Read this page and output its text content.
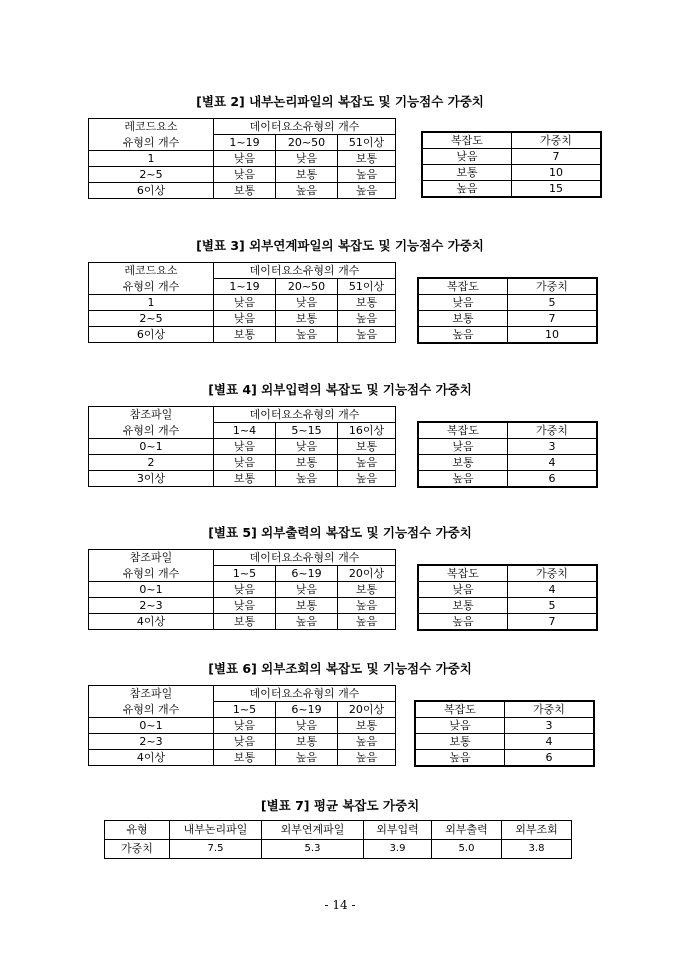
[별표 2] 내부논리파일의 복잡도 및 기능점수 가중치
레코드요소	데이터요소유형의 개수		
유형의 개수	1~19	20~50	51이상
1	낮음	낮음	보통
2~5	낮음	보통	높음
6이상	보통	높음	높음
복잡도	가중치
낮음	7
보통	10
높음	15
[별표 3] 외부연계파일의 복잡도 및 기능점수 가중치
레코드요소	데이터요소유형의 개수		
유형의 개수	1~19	20~50	51이상
1	낮음	낮음	보통
2~5	낮음	보통	높음
6이상	보통	높음	높음
복잡도	가중치
낮음	5
보통	7
높음	10
[별표 4] 외부입력의 복잡도 및 기능점수 가중치
참조파일	데이터요소유형의 개수		
유형의 개수	1~4	5~15	16이상
0~1	낮음	낮음	보통
2	낮음	보통	높음
3이상	보통	높음	높음
복잡도	가중치
낮음	3
보통	4
높음	6
[별표 5] 외부출력의 복잡도 및 기능점수 가중치
참조파일	데이터요소유형의 개수		
유형의 개수	1~5	6~19	20이상
0~1	낮음	낮음	보통
2~3	낮음	보통	높음
4이상	보통	높음	높음
복잡도	가중치
낮음	4
보통	5
높음	7
[별표 6] 외부조회의 복잡도 및 기능점수 가중치
참조파일	데이터요소유형의 개수		
유형의 개수	1~5	6~19	20이상
0~1	낮음	낮음	보통
2~3	낮음	보통	높음
4이상	보통	높음	높음
복잡도	가중치
낮음	3
보통	4
높음	6
[별표 7] 평균 복잡도 가중치
유형	내부논리파일	외부연계파일	외부입력	외부출력	외부조회
가중치	7.5	5.3	3.9	5.0	3.8
- 14 -
